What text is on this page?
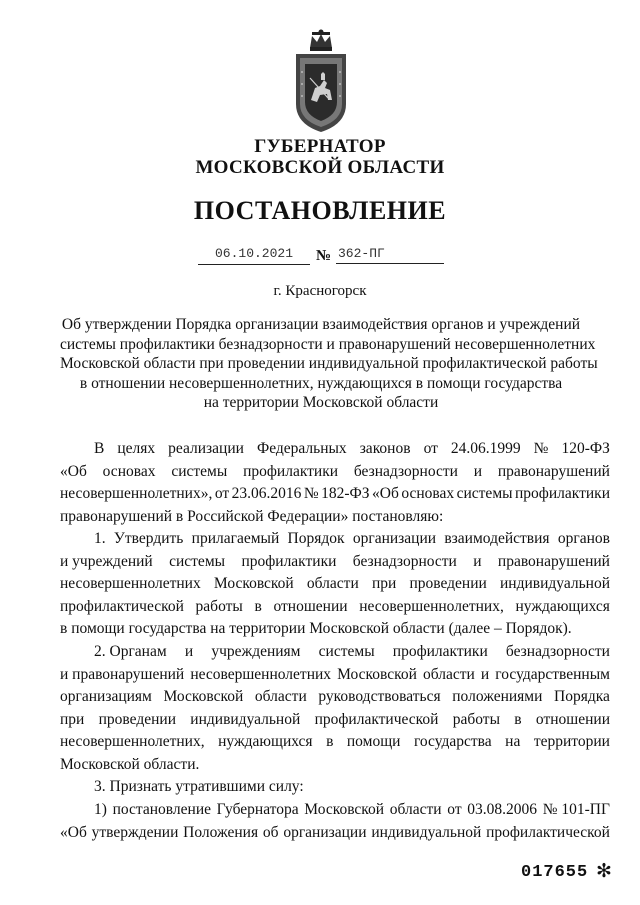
ГУБЕРНАТОР
МОСКОВСКОЙ ОБЛАСТИ
ПОСТАНОВЛЕНИЕ
06.10.2021	№ 362-ПГ
г. Красногорск
Об утверждении Порядка организации взаимодействия органов и учреждений
системы профилактики безнадзорности и правонарушений несовершеннолетних
Московской области при проведении индивидуальной профилактической работы
в отношении несовершеннолетних, нуждающихся в помощи государства
на территории Московской области
В целях реализации Федеральных законов от 24.06.1999 № 120-ФЗ
«Об основах системы профилактики безнадзорности и правонарушений
несовершеннолетних», от 23.06.2016 № 182-ФЗ «Об основах системы профилактики
правонарушений в Российской Федерации» постановляю:
1. Утвердить прилагаемый Порядок организации взаимодействия органов
и учреждений системы профилактики безнадзорности и правонарушений
несовершеннолетних Московской области при проведении индивидуальной
профилактической работы в отношении несовершеннолетних, нуждающихся
в помощи государства на территории Московской области (далее – Порядок).
2. Органам и учреждениям системы профилактики безнадзорности
и правонарушений несовершеннолетних Московской области и государственным
организациям Московской области руководствоваться положениями Порядка
при проведении индивидуальной профилактической работы в отношении
несовершеннолетних, нуждающихся в помощи государства на территории
Московской области.
3. Признать утратившими силу:
1) постановление Губернатора Московской области от 03.08.2006 № 101-ПГ
«Об утверждении Положения об организации индивидуальной профилактической
017655 ✻
